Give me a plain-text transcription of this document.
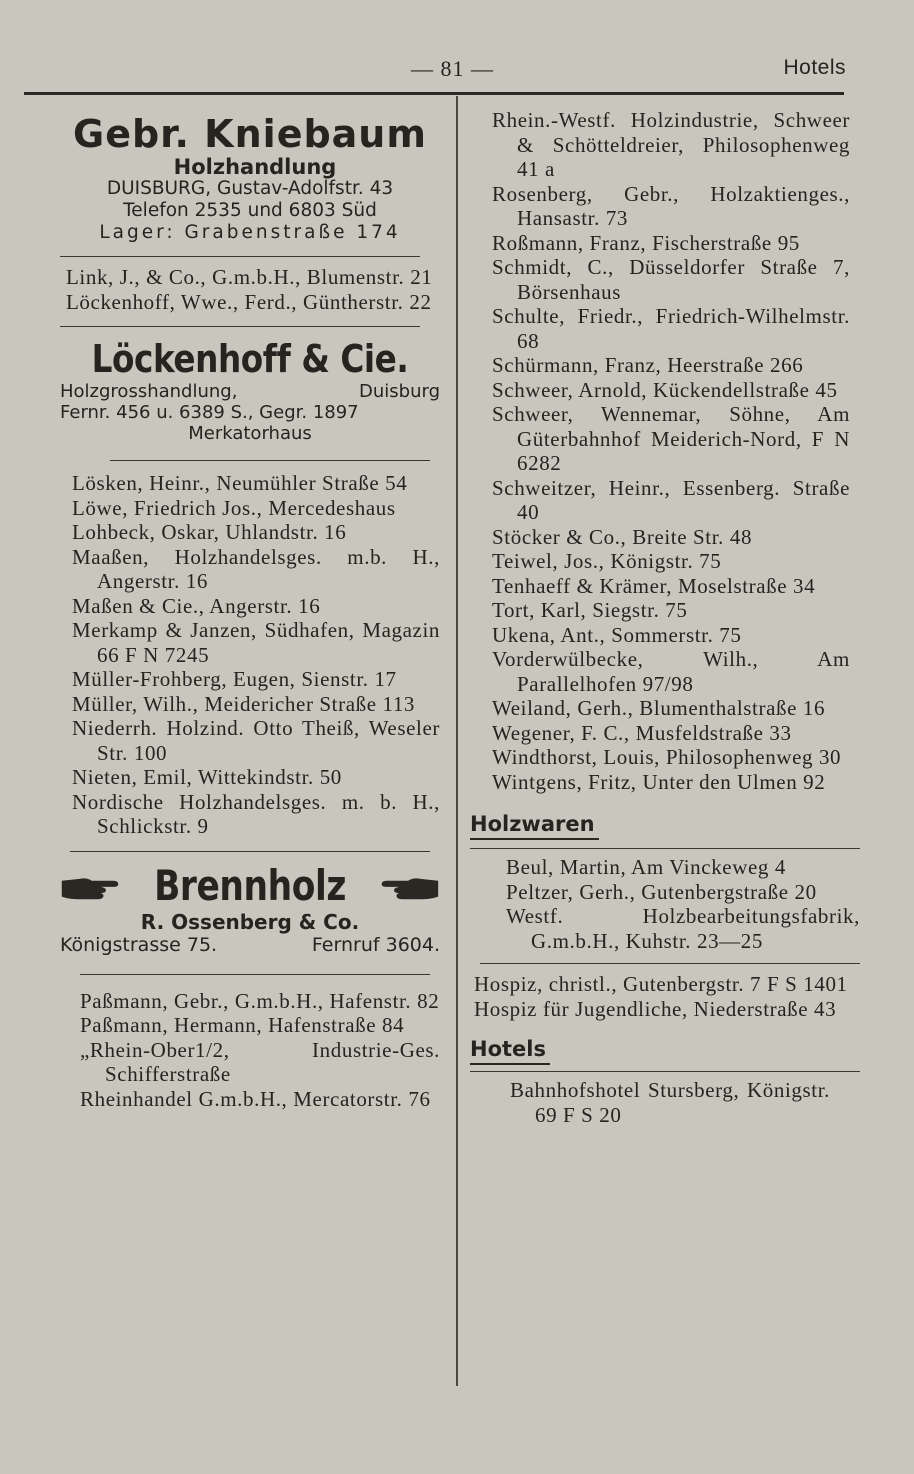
— 81 —	Hotels
Gebr. Kniebaum
Holzhandlung
DUISBURG, Gustav-Adolfstr. 43
Telefon 2535 und 6803 Süd
Lager: Grabenstraße 174

Link, J., & Co., G.m.b.H., Blumenstr. 21

Löckenhoff, Wwe., Ferd., Güntherstr. 22

Löckenhoff & Cie.
Holzgrosshandlung,	Duisburg
Fernr. 456 u. 6389 S., Gegr. 1897
Merkatorhaus

Lösken, Heinr., Neumühler Straße 54

Löwe, Friedrich Jos., Mercedeshaus

Lohbeck, Oskar, Uhlandstr. 16

Maaßen, Holzhandelsges. m.b. H., Angerstr. 16

Maßen & Cie., Angerstr. 16

Merkamp & Janzen, Südhafen, Magazin 66 F N 7245

Müller-Frohberg, Eugen, Sienstr. 17

Müller, Wilh., Meidericher Straße 113

Niederrh. Holzind. Otto Theiß, Weseler Str. 100

Nieten, Emil, Wittekindstr. 50

Nordische Holzhandelsges. m. b. H., Schlickstr. 9

Brennholz
R. Ossenberg & Co.
Königstrasse 75.	Fernruf 3604.

Paßmann, Gebr., G.m.b.H., Hafenstr. 82

Paßmann, Hermann, Hafenstraße 84

„Rhein-Ober1/2, Industrie-Ges. Schifferstraße

Rheinhandel G.m.b.H., Mercatorstr. 76

Rhein.-Westf. Holzindustrie, Schweer & Schötteldreier, Philosophenweg 41 a

Rosenberg, Gebr., Holzaktienges., Hansastr. 73

Roßmann, Franz, Fischerstraße 95

Schmidt, C., Düsseldorfer Straße 7, Börsenhaus

Schulte, Friedr., Friedrich-Wilhelmstr. 68

Schürmann, Franz, Heerstraße 266

Schweer, Arnold, Kückendellstraße 45

Schweer, Wennemar, Söhne, Am Güterbahnhof Meiderich-Nord, F N 6282

Schweitzer, Heinr., Essenberg. Straße 40

Stöcker & Co., Breite Str. 48

Teiwel, Jos., Königstr. 75

Tenhaeff & Krämer, Moselstraße 34

Tort, Karl, Siegstr. 75

Ukena, Ant., Sommerstr. 75

Vorderwülbecke, Wilh., Am Parallelhofen 97/98

Weiland, Gerh., Blumenthalstraße 16

Wegener, F. C., Musfeldstraße 33

Windthorst, Louis, Philosophenweg 30

Wintgens, Fritz, Unter den Ulmen 92

Holzwaren

Beul, Martin, Am Vinckeweg 4

Peltzer, Gerh., Gutenbergstraße 20

Westf. Holzbearbeitungsfabrik, G.m.b.H., Kuhstr. 23—25

Hospiz, christl., Gutenbergstr. 7 F S 1401

Hospiz für Jugendliche, Niederstraße 43

Hotels

Bahnhofshotel Stursberg, Königstr. 69 F S 20
